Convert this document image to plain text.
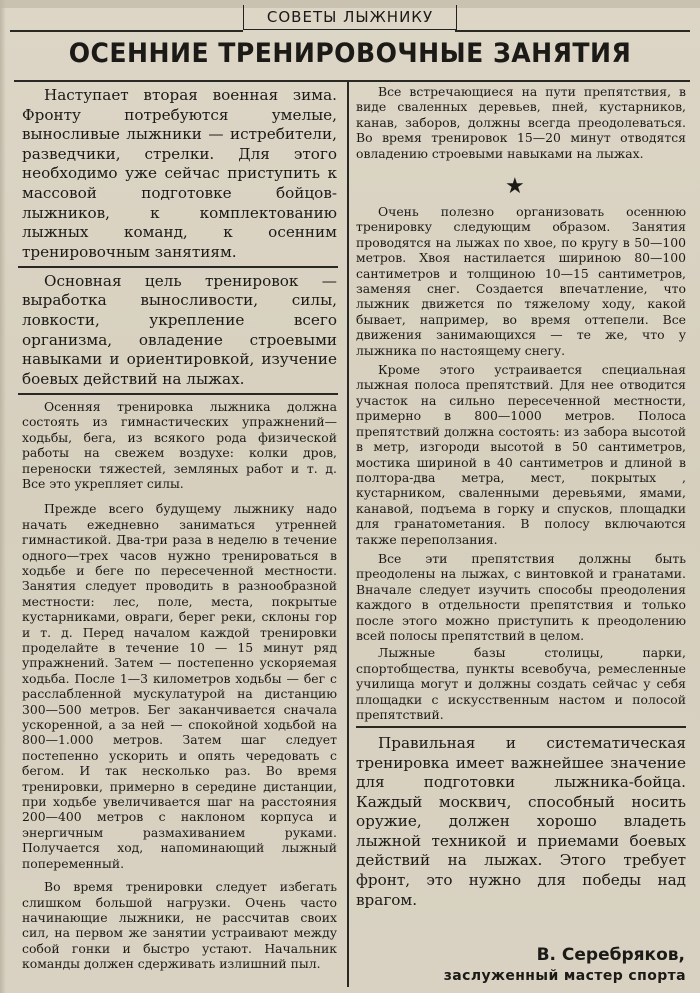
СОВЕТЫ ЛЫЖНИКУ
ОСЕННИЕ ТРЕНИРОВОЧНЫЕ ЗАНЯТИЯ

Наступает вторая военная зима. Фронту потребуются умелые, выносливые лыжники — истребители, разведчики, стрелки. Для этого необходимо уже сейчас приступить к массовой подготовке бойцов-лыжников, к комплектованию лыжных команд, к осенним тренировочным занятиям.

Основная цель тренировок — выработка выносливости, силы, ловкости, укрепление всего организма, овладение строевыми навыками и ориентировкой, изучение боевых действий на лыжах.

Осенняя тренировка лыжника должна состоять из гимнастических упражнений—ходьбы, бега, из всякого рода физической работы на свежем воздухе: колки дров, переноски тяжестей, земляных работ и т. д. Все это укрепляет силы.

Прежде всего будущему лыжнику надо начать ежедневно заниматься утренней гимнастикой. Два-три раза в неделю в течение одного—трех часов нужно тренироваться в ходьбе и беге по пересеченной местности. Занятия следует проводить в разнообразной местности: лес, поле, места, покрытые кустарниками, овраги, берег реки, склоны гор и т. д. Перед началом каждой тренировки проделайте в течение 10 — 15 минут ряд упражнений. Затем — постепенно ускоряемая ходьба. После 1—3 километров ходьбы — бег с расслабленной мускулатурой на дистанцию 300—500 метров. Бег заканчивается сначала ускоренной, а за ней — спокойной ходьбой на 800—1.000 метров. Затем шаг следует постепенно ускорить и опять чередовать с бегом. И так несколько раз. Во время тренировки, примерно в середине дистанции, при ходьбе увеличивается шаг на расстояния 200—400 метров с наклоном корпуса и энергичным размахиванием руками. Получается ход, напоминающий лыжный попеременный.

Во время тренировки следует избегать слишком большой нагрузки. Очень часто начинающие лыжники, не рассчитав своих сил, на первом же занятии устраивают между собой гонки и быстро устают. Начальник команды должен сдерживать излишний пыл.

Все встречающиеся на пути препятствия, в виде сваленных деревьев, пней, кустарников, канав, заборов, должны всегда преодолеваться. Во время тренировок 15—20 минут отводятся овладению строевыми навыками на лыжах.

★

Очень полезно организовать осеннюю тренировку следующим образом. Занятия проводятся на лыжах по хвое, по кругу в 50—100 метров. Хвоя настилается шириною 80—100 сантиметров и толщиною 10—15 сантиметров, заменяя снег. Создается впечатление, что лыжник движется по тяжелому ходу, какой бывает, например, во время оттепели. Все движения занимающихся — те же, что у лыжника по настоящему снегу.

Кроме этого устраивается специальная лыжная полоса препятствий. Для нее отводится участок на сильно пересеченной местности, примерно в 800—1000 метров. Полоса препятствий должна состоять: из забора высотой в метр, изгороди высотой в 50 сантиметров, мостика шириной в 40 сантиметров и длиной в полтора-два метра, мест, покрытых , кустарником, сваленными деревьями, ямами, канавой, подъема в горку и спусков, площадки для гранатометания. В полосу включаются также переползания.

Все эти препятствия должны быть преодолены на лыжах, с винтовкой и гранатами. Вначале следует изучить способы преодоления каждого в отдельности препятствия и только после этого можно приступить к преодолению всей полосы препятствий в целом.

Лыжные базы столицы, парки, спортобщества, пункты всевобуча, ремесленные училища могут и должны создать сейчас у себя площадки с искусственным настом и полосой препятствий.

Правильная и систематическая тренировка имеет важнейшее значение для подготовки лыжника-бойца. Каждый москвич, способный носить оружие, должен хорошо владеть лыжной техникой и приемами боевых действий на лыжах. Этого требует фронт, это нужно для победы над врагом.

В. Серебряков,
заслуженный мастер спорта
